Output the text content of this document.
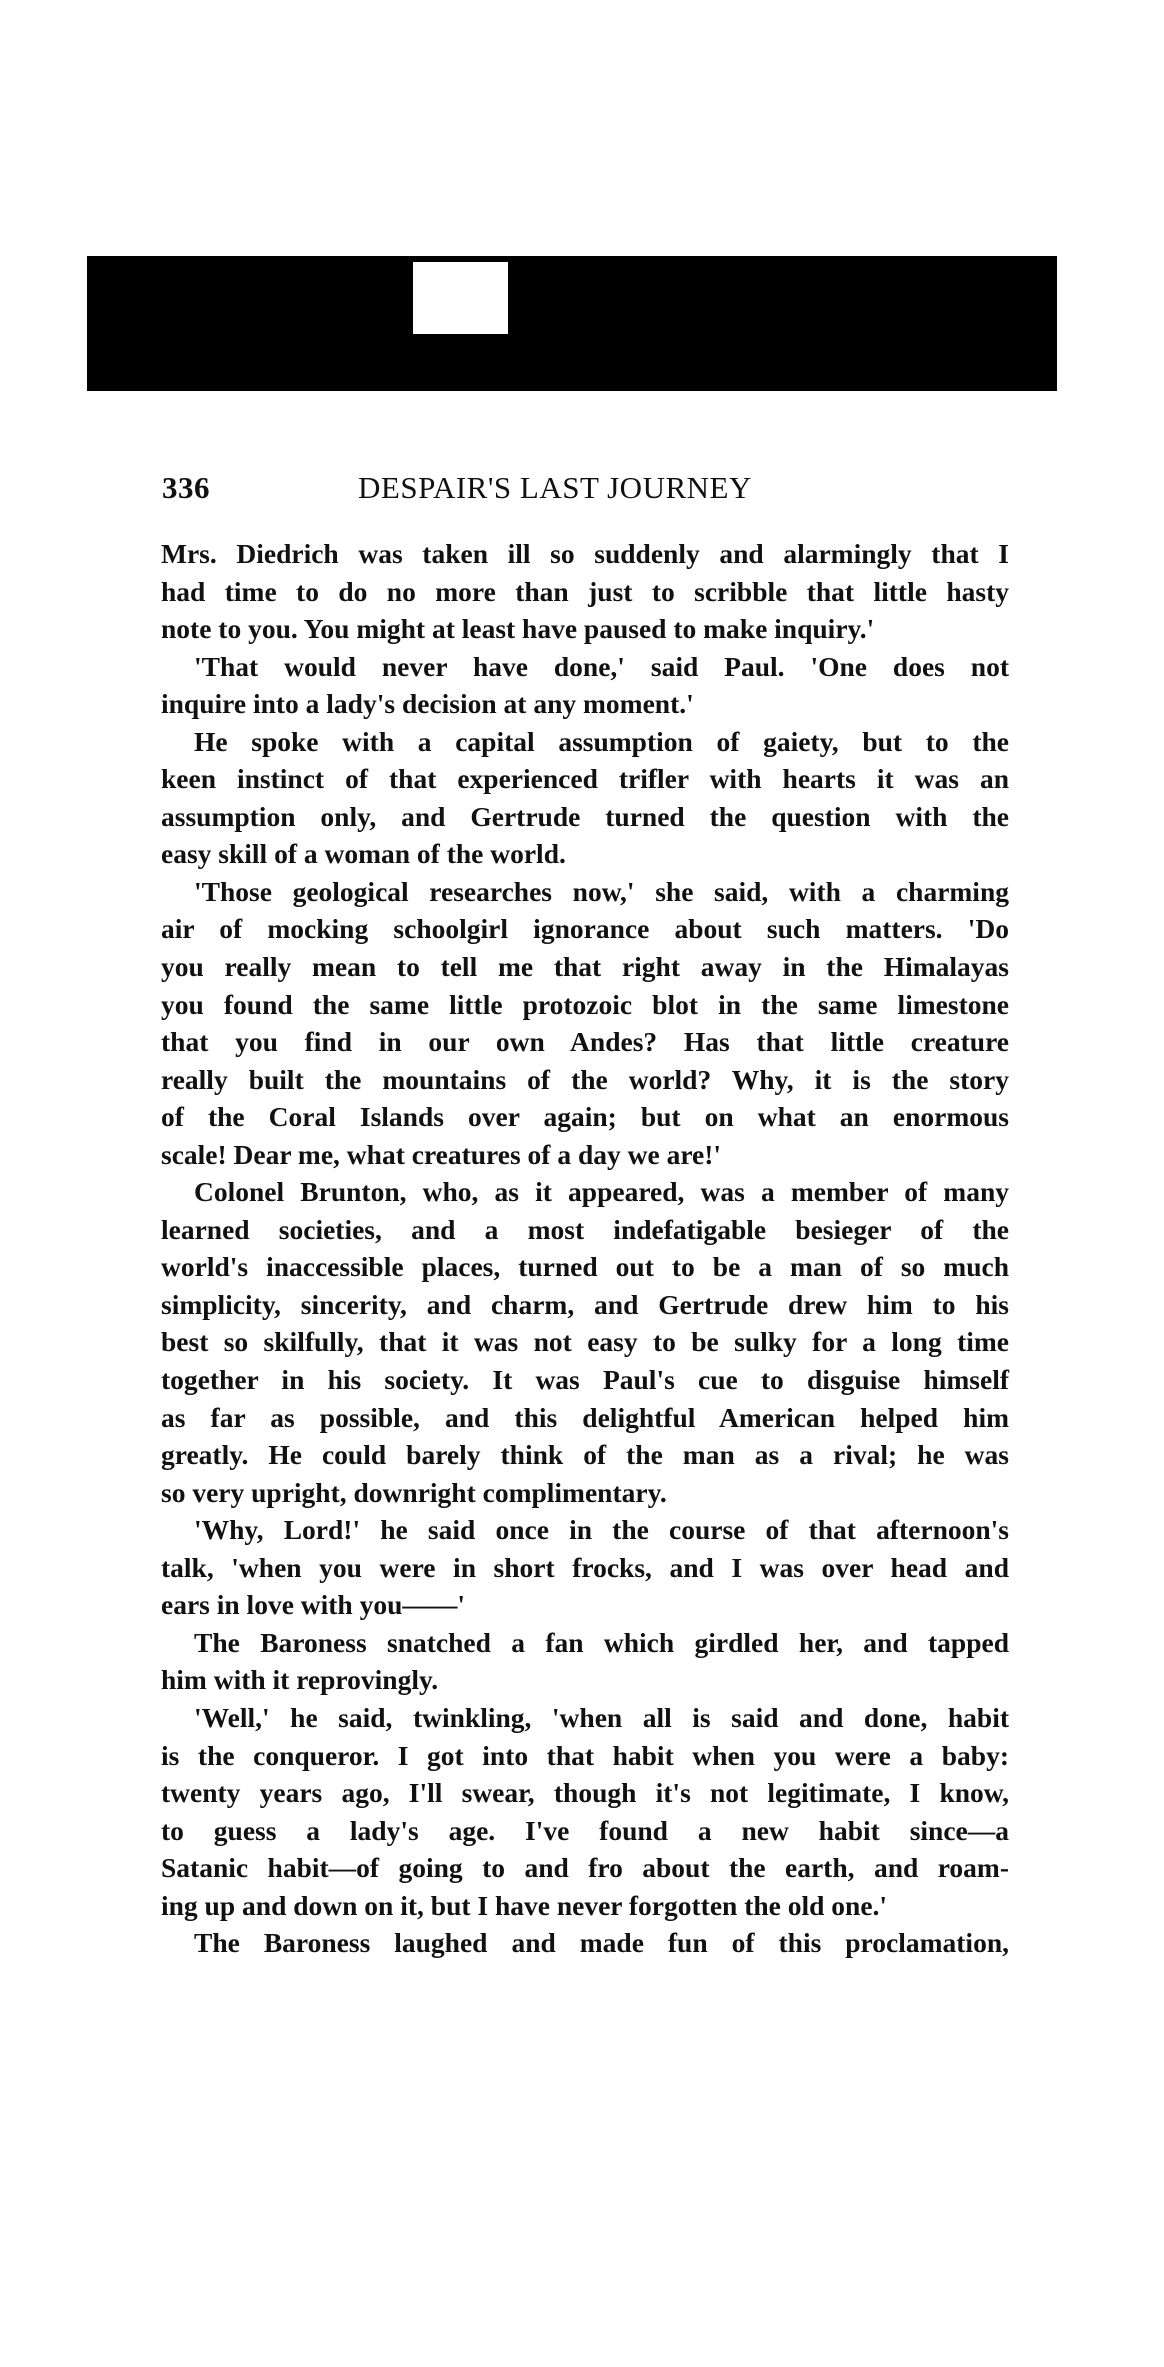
336	DESPAIR'S LAST JOURNEY
Mrs. Diedrich was taken ill so suddenly and alarmingly that I
had time to do no more than just to scribble that little hasty
note to you. You might at least have paused to make inquiry.'
'That would never have done,' said Paul. 'One does not
inquire into a lady's decision at any moment.'
He spoke with a capital assumption of gaiety, but to the
keen instinct of that experienced trifler with hearts it was an
assumption only, and Gertrude turned the question with the
easy skill of a woman of the world.
'Those geological researches now,' she said, with a charming
air of mocking schoolgirl ignorance about such matters. 'Do
you really mean to tell me that right away in the Himalayas
you found the same little protozoic blot in the same limestone
that you find in our own Andes? Has that little creature
really built the mountains of the world? Why, it is the story
of the Coral Islands over again; but on what an enormous
scale! Dear me, what creatures of a day we are!'
Colonel Brunton, who, as it appeared, was a member of many
learned societies, and a most indefatigable besieger of the
world's inaccessible places, turned out to be a man of so much
simplicity, sincerity, and charm, and Gertrude drew him to his
best so skilfully, that it was not easy to be sulky for a long time
together in his society. It was Paul's cue to disguise himself
as far as possible, and this delightful American helped him
greatly. He could barely think of the man as a rival; he was
so very upright, downright complimentary.
'Why, Lord!' he said once in the course of that afternoon's
talk, 'when you were in short frocks, and I was over head and
ears in love with you——'
The Baroness snatched a fan which girdled her, and tapped
him with it reprovingly.
'Well,' he said, twinkling, 'when all is said and done, habit
is the conqueror. I got into that habit when you were a baby:
twenty years ago, I'll swear, though it's not legitimate, I know,
to guess a lady's age. I've found a new habit since—a
Satanic habit—of going to and fro about the earth, and roam-
ing up and down on it, but I have never forgotten the old one.'
The Baroness laughed and made fun of this proclamation,
